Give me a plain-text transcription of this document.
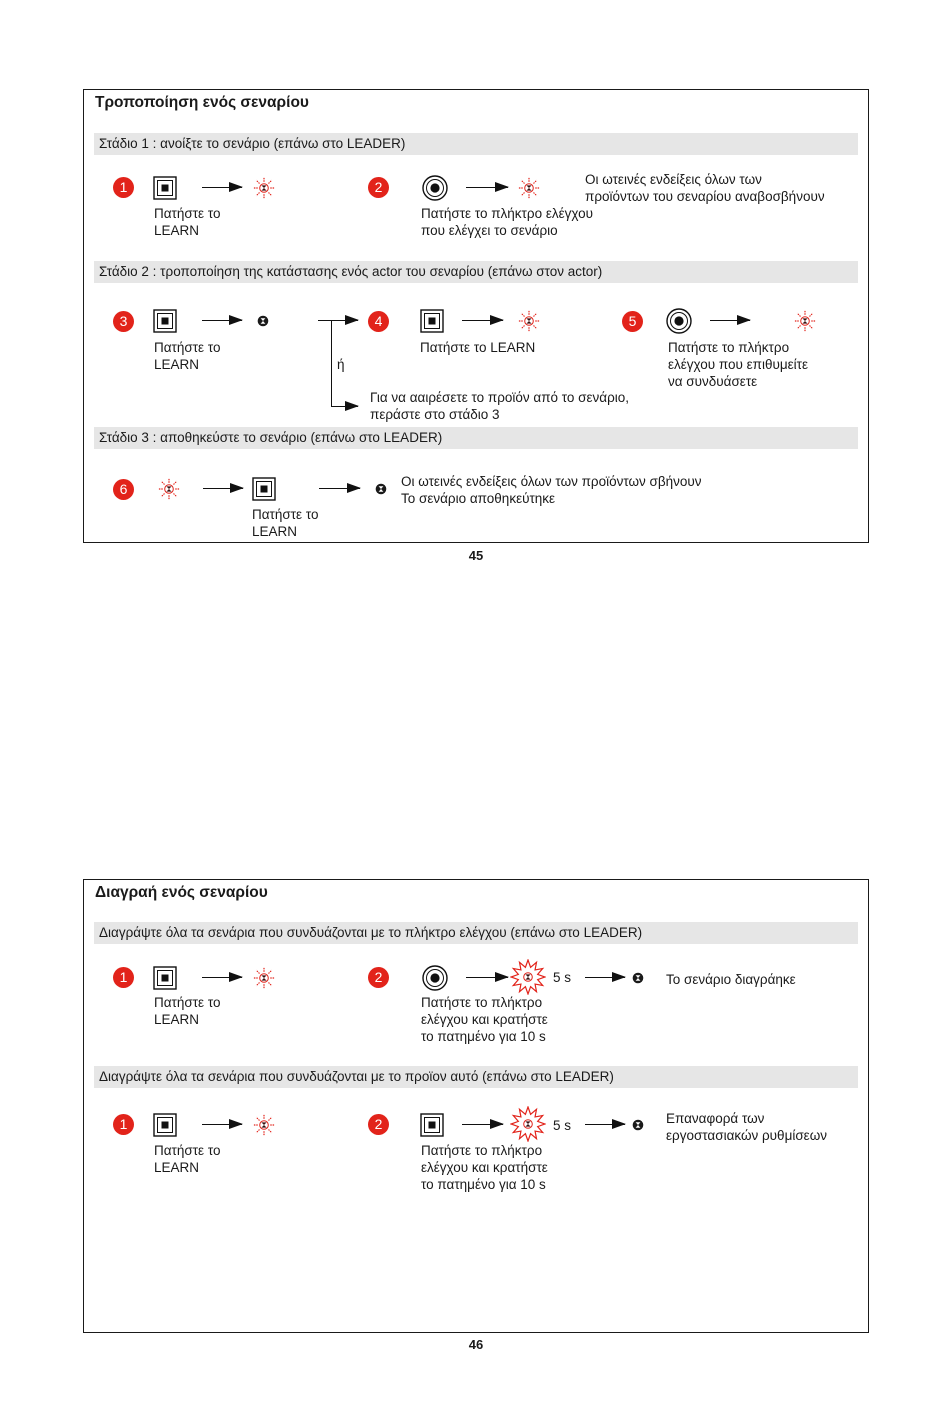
Τροποποίηση ενός σεναρίου
Στάδιο 1 : ανοίξτε το σενάριο (επάνω στο LEADER)
1
Πατήστε το
LEARN
2	Οι ωτεινές ενδείξεις όλων των
προϊόντων του σεναρίου αναβοσβήνουν
Πατήστε το πλήκτρο ελέγχου
που ελέγχει το σενάριο
Στάδιο 2 : τροποποίηση της κατάστασης ενός actor του σεναρίου (επάνω στον actor)
3
Πατήστε το
LEARN	ή
4
Πατήστε το LEARN
5
Πατήστε το πλήκτρο
ελέγχου που επιθυμείτε
να συνδυάσετε
Για να ααιρέσετε το προϊόν από το σενάριο,
περάστε στο στάδιο 3
Στάδιο 3 : αποθηκεύστε το σενάριο (επάνω στο LEADER)
6	Οι ωτεινές ενδείξεις όλων των προϊόντων σβήνουν
Το σενάριο αποθηκεύτηκε
Πατήστε το
LEARN
45
Διαγραή ενός σεναρίου
Διαγράψτε όλα τα σενάρια που συνδυάζονται με το πλήκτρο ελέγχου (επάνω στο LEADER)
1
Πατήστε το
LEARN
2	5 s	Το σενάριο διαγράηκε
Πατήστε το πλήκτρο
ελέγχου και κρατήστε
το πατημένο για 10 s
Διαγράψτε όλα τα σενάρια που συνδυάζονται με το προϊον αυτό (επάνω στο LEADER)
1
Πατήστε το
LEARN
2	5 s	Επαναφορά των
εργοστασιακών ρυθμίσεων
Πατήστε το πλήκτρο
ελέγχου και κρατήστε
το πατημένο για 10 s
46
